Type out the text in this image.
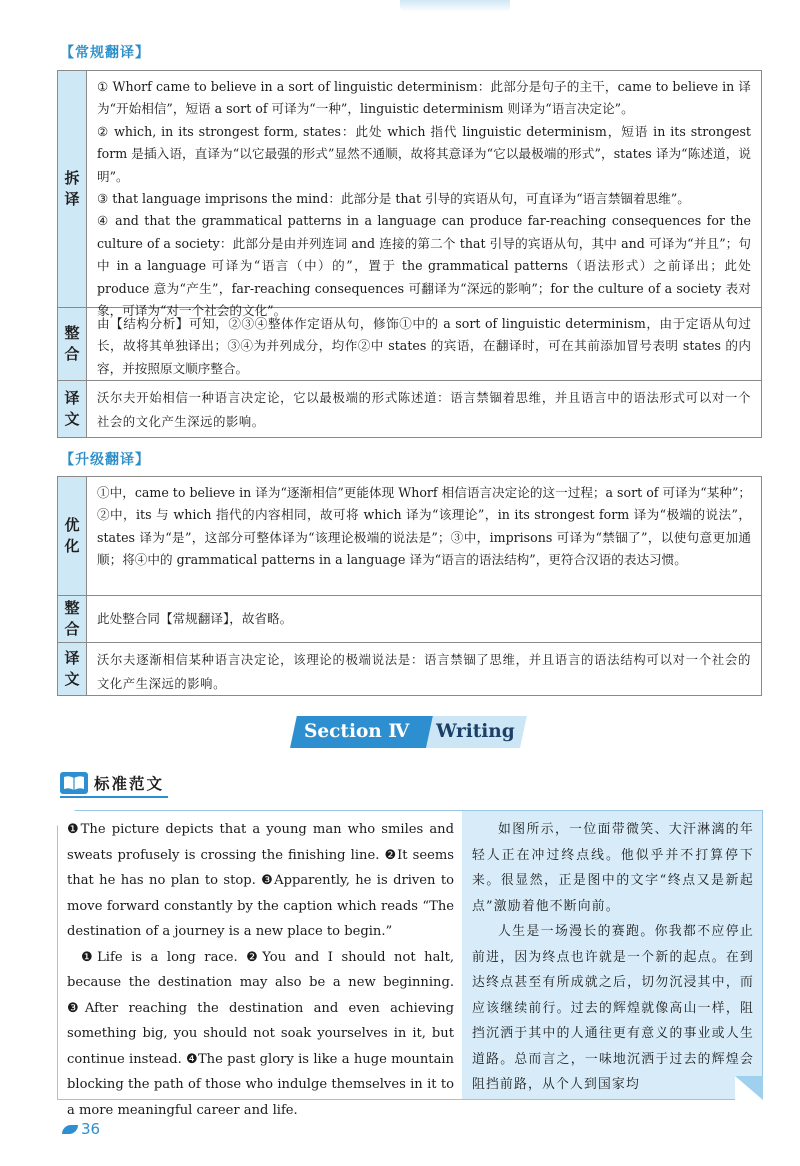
【常规翻译】
拆
译

① Whorf came to believe in a sort of linguistic determinism：此部分是句子的主干，came to believe in 译为“开始相信”，短语 a sort of 可译为“一种”，linguistic determinism 则译为“语言决定论”。

② which, in its strongest form, states：此处 which 指代 linguistic determinism，短语 in its strongest form 是插入语，直译为“以它最强的形式”显然不通顺，故将其意译为“它以最极端的形式”，states 译为“陈述道，说明”。

③ that language imprisons the mind：此部分是 that 引导的宾语从句，可直译为“语言禁锢着思维”。

④ and that the grammatical patterns in a language can produce far-reaching consequences for the culture of a society：此部分是由并列连词 and 连接的第二个 that 引导的宾语从句，其中 and 可译为“并且”；句中 in a language 可译为“语言（中）的”，置于 the grammatical patterns（语法形式）之前译出；此处 produce 意为“产生”，far-reaching consequences 可翻译为“深远的影响”；for the culture of a society 表对象，可译为“对一个社会的文化”。

整
合

由【结构分析】可知，②③④整体作定语从句，修饰①中的 a sort of linguistic determinism，由于定语从句过长，故将其单独译出；③④为并列成分，均作②中 states 的宾语，在翻译时，可在其前添加冒号表明 states 的内容，并按照原文顺序整合。

译
文

沃尔夫开始相信一种语言决定论，它以最极端的形式陈述道：语言禁锢着思维，并且语言中的语法形式可以对一个社会的文化产生深远的影响。

【升级翻译】
优
化

①中，came to believe in 译为“逐渐相信”更能体现 Whorf 相信语言决定论的这一过程；a sort of 可译为“某种”；②中，its 与 which 指代的内容相同，故可将 which 译为“该理论”，in its strongest form 译为“极端的说法”，states 译为“是”，这部分可整体译为“该理论极端的说法是”；③中，imprisons 可译为“禁锢了”，以使句意更加通顺；将④中的 grammatical patterns in a language 译为“语言的语法结构”，更符合汉语的表达习惯。

整
合

此处整合同【常规翻译】，故省略。

译
文

沃尔夫逐渐相信某种语言决定论，该理论的极端说法是：语言禁锢了思维，并且语言的语法结构可以对一个社会的文化产生深远的影响。

Section Ⅳ Writing
标准范文

❶The picture depicts that a young man who smiles and sweats profusely is crossing the finishing line. ❷It seems that he has no plan to stop. ❸Apparently, he is driven to move forward constantly by the caption which reads “The destination of a journey is a new place to begin.”

❶Life is a long race. ❷You and I should not halt, because the destination may also be a new beginning. ❸After reaching the destination and even achieving something big, you should not soak yourselves in it, but continue instead. ❹The past glory is like a huge mountain blocking the path of those who indulge themselves in it to a more meaningful career and life.

如图所示，一位面带微笑、大汗淋漓的年轻人正在冲过终点线。他似乎并不打算停下来。很显然，正是图中的文字“终点又是新起点”激励着他不断向前。

人生是一场漫长的赛跑。你我都不应停止前进，因为终点也许就是一个新的起点。在到达终点甚至有所成就之后，切勿沉浸其中，而应该继续前行。过去的辉煌就像高山一样，阻挡沉洒于其中的人通往更有意义的事业或人生道路。总而言之，一味地沉洒于过去的辉煌会阻挡前路，从个人到国家均

36
